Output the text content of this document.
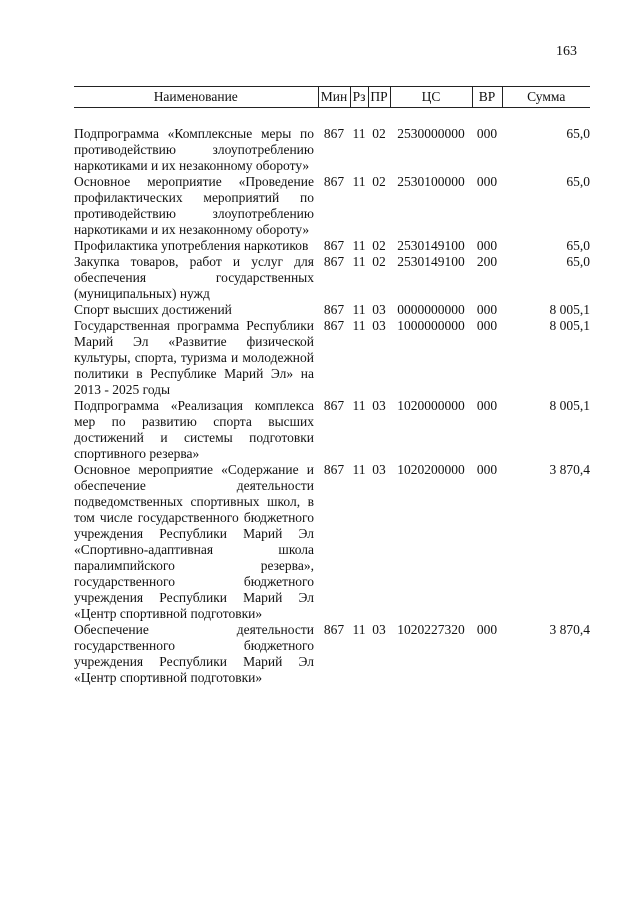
163
Наименование	Мин	Рз	ПР	ЦС	ВР	Сумма
Подпрограмма «Комплексные меры по противодействию злоупотреблению наркотиками и их незаконному обороту»	867	11	02	2530000000	000	65,0
Основное мероприятие «Проведение профилактических мероприятий по противодействию злоупотреблению наркотиками и их незаконному обороту»	867	11	02	2530100000	000	65,0
Профилактика употребления наркотиков	867	11	02	2530149100	000	65,0
Закупка товаров, работ и услуг для обеспечения государственных (муниципальных) нужд	867	11	02	2530149100	200	65,0
Спорт высших достижений	867	11	03	0000000000	000	8 005,1
Государственная программа Республики Марий Эл «Развитие физической культуры, спорта, туризма и молодежной политики в Республике Марий Эл» на 2013 - 2025 годы	867	11	03	1000000000	000	8 005,1
Подпрограмма «Реализация комплекса мер по развитию спорта высших достижений и системы подготовки спортивного резерва»	867	11	03	1020000000	000	8 005,1
Основное мероприятие «Содержание и обеспечение деятельности подведомственных спортивных школ, в том числе государственного бюджетного учреждения Республики Марий Эл «Спортивно-адаптивная школа паралимпийского резерва», государственного бюджетного учреждения Республики Марий Эл «Центр спортивной подготовки»	867	11	03	1020200000	000	3 870,4
Обеспечение деятельности государственного бюджетного учреждения Республики Марий Эл «Центр спортивной подготовки»	867	11	03	1020227320	000	3 870,4
